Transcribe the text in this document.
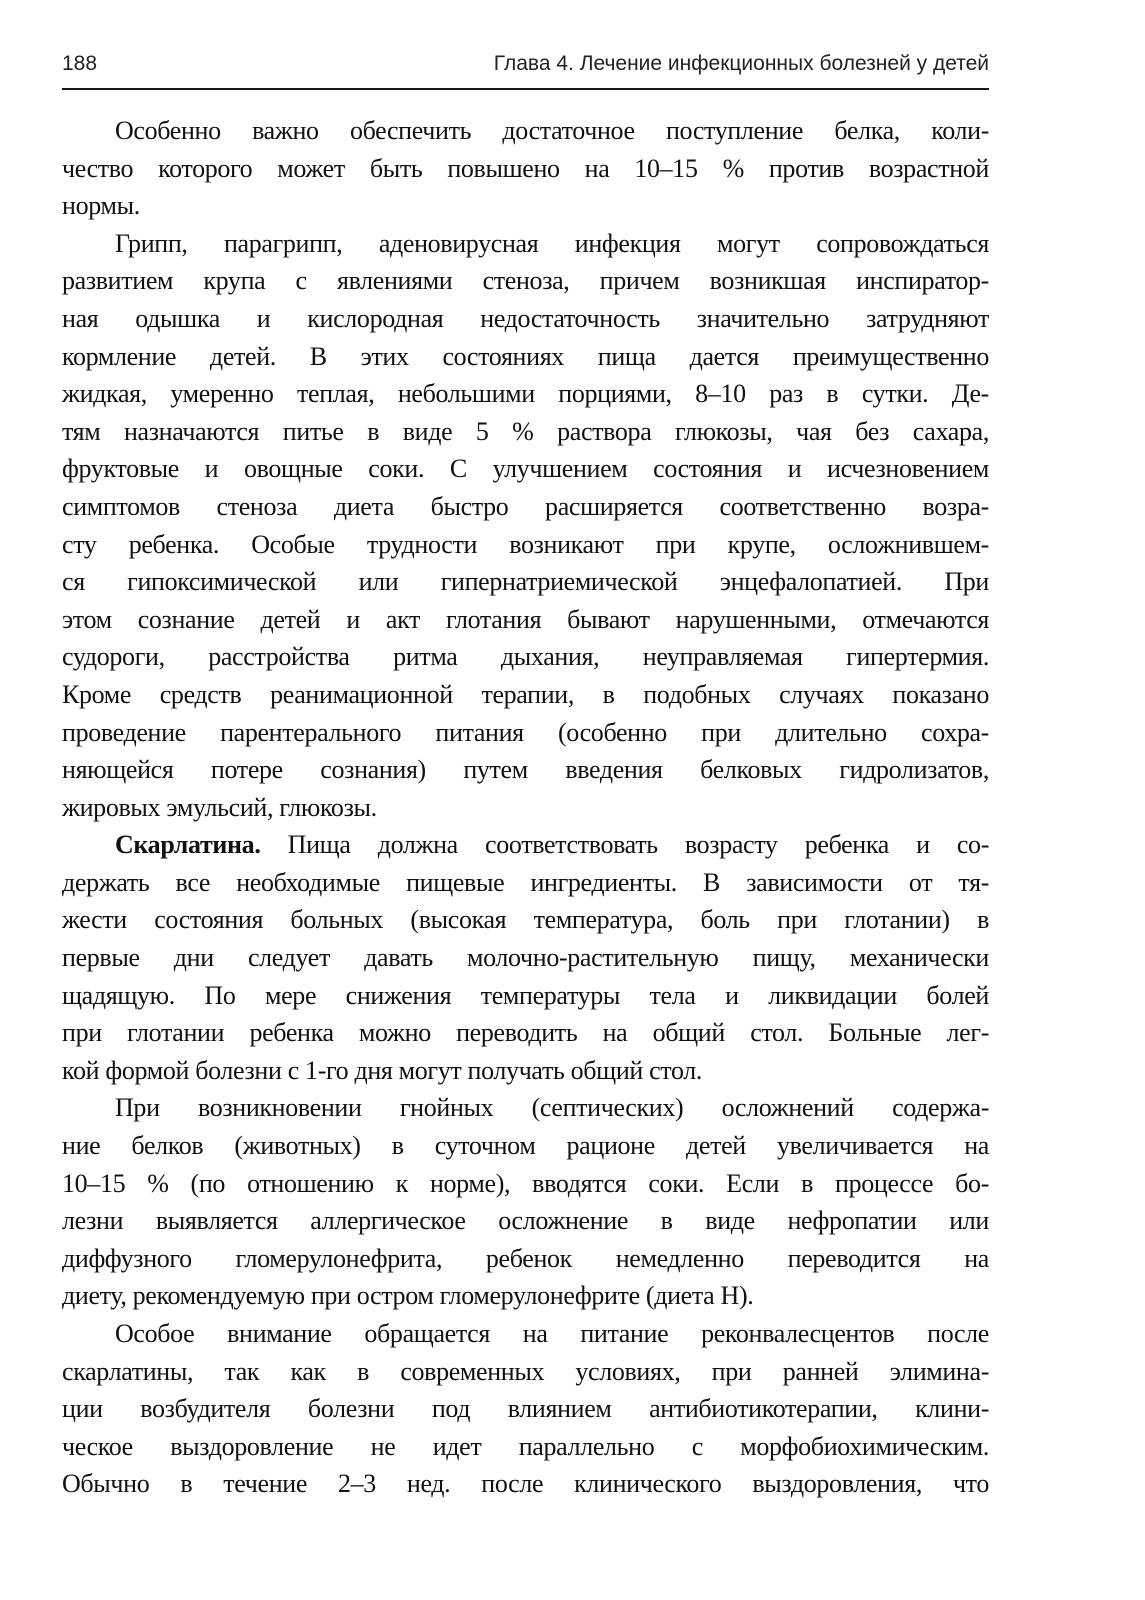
188	Глава 4. Лечение инфекционных болезней у детей
Особенно важно обеспечить достаточное поступление белка, коли-
чество которого может быть повышено на 10–15 % против возрастной
нормы.
Грипп, парагрипп, аденовирусная инфекция могут сопровождаться
развитием крупа с явлениями стеноза, причем возникшая инспиратор-
ная одышка и кислородная недостаточность значительно затрудняют
кормление детей. В этих состояниях пища дается преимущественно
жидкая, умеренно теплая, небольшими порциями, 8–10 раз в сутки. Де-
тям назначаются питье в виде 5 % раствора глюкозы, чая без сахара,
фруктовые и овощные соки. С улучшением состояния и исчезновением
симптомов стеноза диета быстро расширяется соответственно возра-
сту ребенка. Особые трудности возникают при крупе, осложнившем-
ся гипоксимической или гипернатриемической энцефалопатией. При
этом сознание детей и акт глотания бывают нарушенными, отмечаются
судороги, расстройства ритма дыхания, неуправляемая гипертермия.
Кроме средств реанимационной терапии, в подобных случаях показано
проведение парентерального питания (особенно при длительно сохра-
няющейся потере сознания) путем введения белковых гидролизатов,
жировых эмульсий, глюкозы.
Скарлатина. Пища должна соответствовать возрасту ребенка и со-
держать все необходимые пищевые ингредиенты. В зависимости от тя-
жести состояния больных (высокая температура, боль при глотании) в
первые дни следует давать молочно-растительную пищу, механически
щадящую. По мере снижения температуры тела и ликвидации болей
при глотании ребенка можно переводить на общий стол. Больные лег-
кой формой болезни с 1-го дня могут получать общий стол.
При возникновении гнойных (септических) осложнений содержа-
ние белков (животных) в суточном рационе детей увеличивается на
10–15 % (по отношению к норме), вводятся соки. Если в процессе бо-
лезни выявляется аллергическое осложнение в виде нефропатии или
диффузного гломерулонефрита, ребенок немедленно переводится на
диету, рекомендуемую при остром гломерулонефрите (диета Н).
Особое внимание обращается на питание реконвалесцентов после
скарлатины, так как в современных условиях, при ранней элимина-
ции возбудителя болезни под влиянием антибиотикотерапии, клини-
ческое выздоровление не идет параллельно с морфобиохимическим.
Обычно в течение 2–3 нед. после клинического выздоровления, что
